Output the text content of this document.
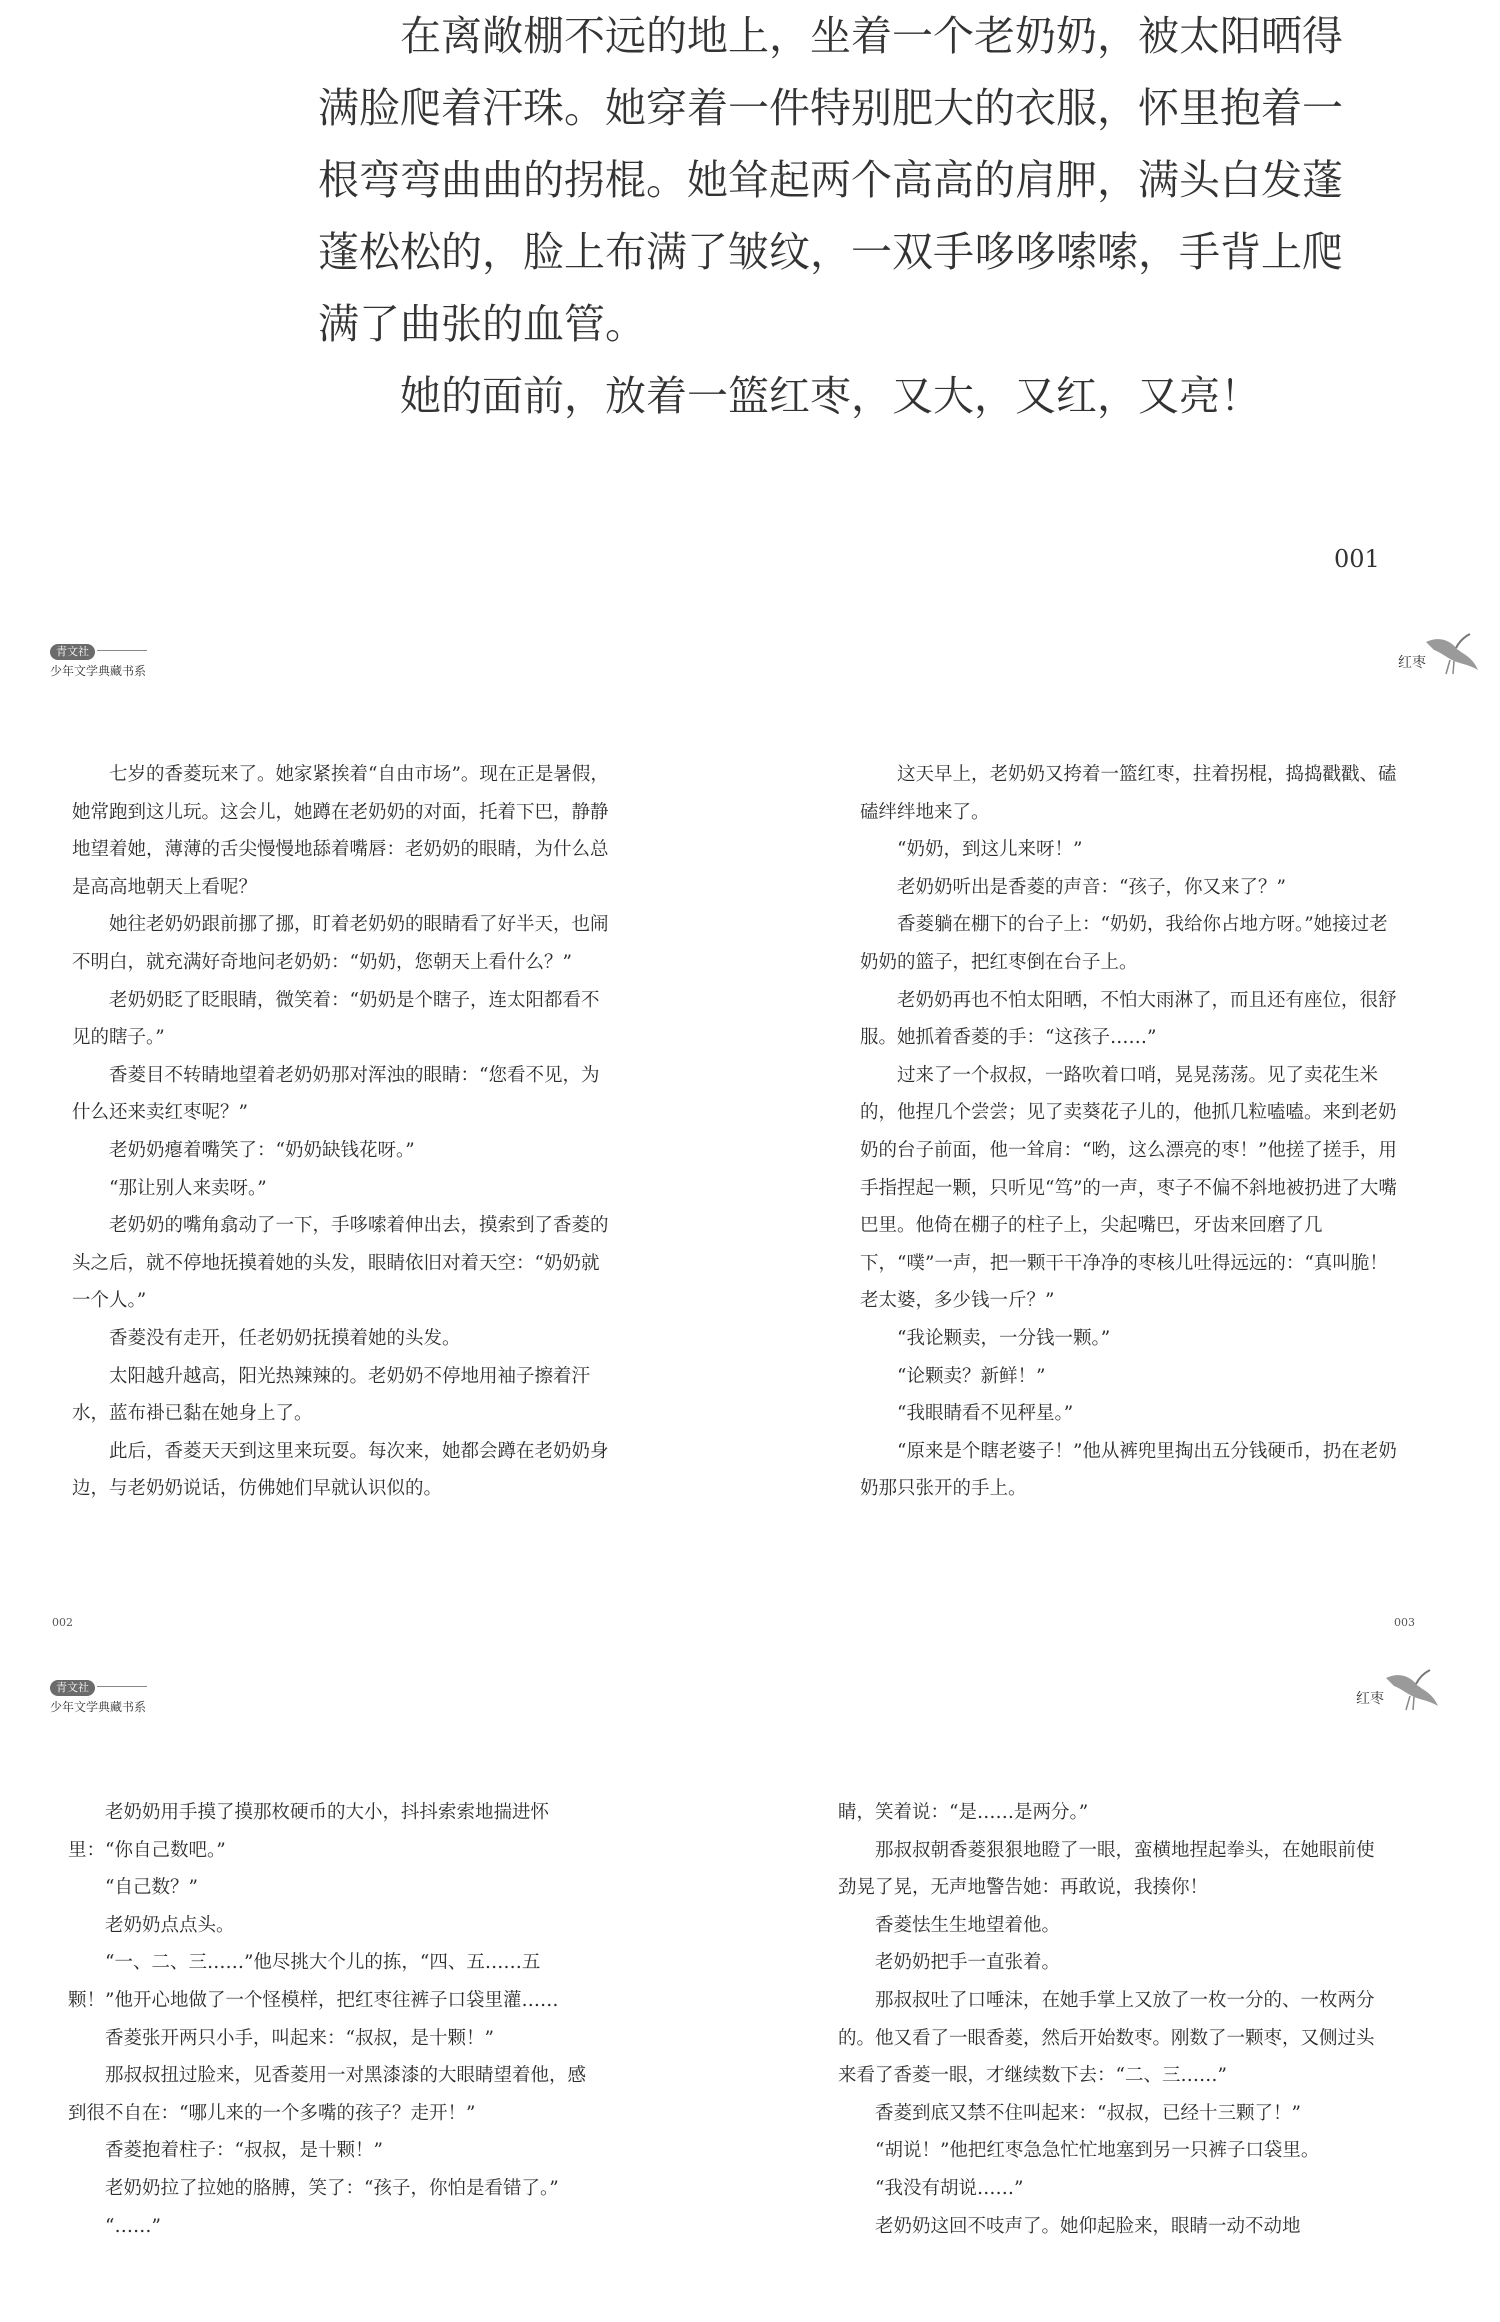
在离敞棚不远的地上，坐着一个老奶奶，被太阳晒得满脸爬着汗珠。她穿着一件特别肥大的衣服，怀里抱着一根弯弯曲曲的拐棍。她耸起两个高高的肩胛，满头白发蓬蓬松松的，脸上布满了皱纹，一双手哆哆嗦嗦，手背上爬满了曲张的血管。

她的面前，放着一篮红枣，又大，又红，又亮！

001
青文社
少年文学典藏书系	红枣

七岁的香菱玩来了。她家紧挨着“自由市场”。现在正是暑假，她常跑到这儿玩。这会儿，她蹲在老奶奶的对面，托着下巴，静静地望着她，薄薄的舌尖慢慢地舔着嘴唇：老奶奶的眼睛，为什么总是高高地朝天上看呢？

她往老奶奶跟前挪了挪，盯着老奶奶的眼睛看了好半天，也闹不明白，就充满好奇地问老奶奶：“奶奶，您朝天上看什么？”

老奶奶眨了眨眼睛，微笑着：“奶奶是个瞎子，连太阳都看不见的瞎子。”

香菱目不转睛地望着老奶奶那对浑浊的眼睛：“您看不见，为什么还来卖红枣呢？”

老奶奶瘪着嘴笑了：“奶奶缺钱花呀。”

“那让别人来卖呀。”

老奶奶的嘴角翕动了一下，手哆嗦着伸出去，摸索到了香菱的头之后，就不停地抚摸着她的头发，眼睛依旧对着天空：“奶奶就一个人。”

香菱没有走开，任老奶奶抚摸着她的头发。

太阳越升越高，阳光热辣辣的。老奶奶不停地用袖子擦着汗水，蓝布褂已黏在她身上了。

此后，香菱天天到这里来玩耍。每次来，她都会蹲在老奶奶身边，与老奶奶说话，仿佛她们早就认识似的。

这天早上，老奶奶又挎着一篮红枣，拄着拐棍，捣捣戳戳、磕磕绊绊地来了。

“奶奶，到这儿来呀！”

老奶奶听出是香菱的声音：“孩子，你又来了？”

香菱躺在棚下的台子上：“奶奶，我给你占地方呀。”她接过老奶奶的篮子，把红枣倒在台子上。

老奶奶再也不怕太阳晒，不怕大雨淋了，而且还有座位，很舒服。她抓着香菱的手：“这孩子……”

过来了一个叔叔，一路吹着口哨，晃晃荡荡。见了卖花生米的，他捏几个尝尝；见了卖葵花子儿的，他抓几粒嗑嗑。来到老奶奶的台子前面，他一耸肩：“哟，这么漂亮的枣！”他搓了搓手，用手指捏起一颗，只听见“笃”的一声，枣子不偏不斜地被扔进了大嘴巴里。他倚在棚子的柱子上，尖起嘴巴，牙齿来回磨了几下，“噗”一声，把一颗干干净净的枣核儿吐得远远的：“真叫脆！老太婆，多少钱一斤？”

“我论颗卖，一分钱一颗。”

“论颗卖？新鲜！”

“我眼睛看不见秤星。”

“原来是个瞎老婆子！”他从裤兜里掏出五分钱硬币，扔在老奶奶那只张开的手上。

002	003
青文社
少年文学典藏书系	红枣

老奶奶用手摸了摸那枚硬币的大小，抖抖索索地揣进怀里：“你自己数吧。”

“自己数？”

老奶奶点点头。

“一、二、三……”他尽挑大个儿的拣，“四、五……五颗！”他开心地做了一个怪模样，把红枣往裤子口袋里灌……

香菱张开两只小手，叫起来：“叔叔，是十颗！”

那叔叔扭过脸来，见香菱用一对黑漆漆的大眼睛望着他，感到很不自在：“哪儿来的一个多嘴的孩子？走开！”

香菱抱着柱子：“叔叔，是十颗！”

老奶奶拉了拉她的胳膊，笑了：“孩子，你怕是看错了。”

“……”

睛，笑着说：“是……是两分。”

那叔叔朝香菱狠狠地瞪了一眼，蛮横地捏起拳头，在她眼前使劲晃了晃，无声地警告她：再敢说，我揍你！

香菱怯生生地望着他。

老奶奶把手一直张着。

那叔叔吐了口唾沫，在她手掌上又放了一枚一分的、一枚两分的。他又看了一眼香菱，然后开始数枣。刚数了一颗枣，又侧过头来看了香菱一眼，才继续数下去：“二、三……”

香菱到底又禁不住叫起来：“叔叔，已经十三颗了！”

“胡说！”他把红枣急急忙忙地塞到另一只裤子口袋里。

“我没有胡说……”

老奶奶这回不吱声了。她仰起脸来，眼睛一动不动地
